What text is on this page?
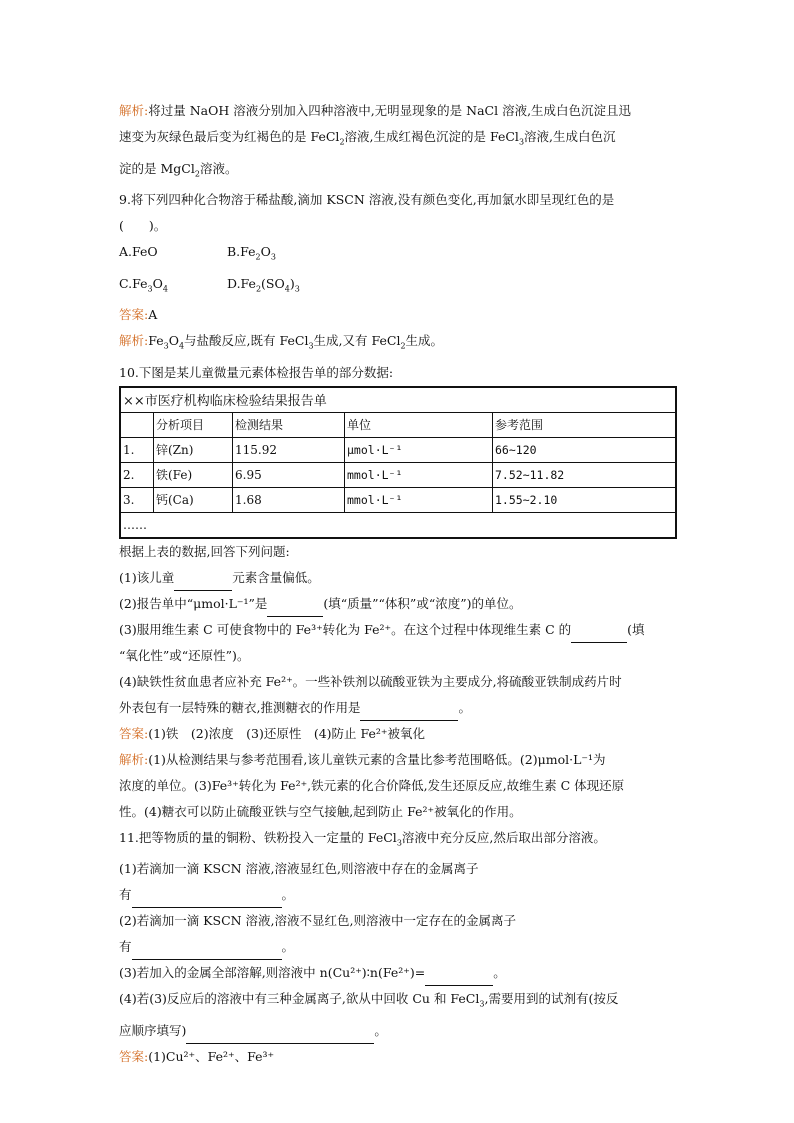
解析:将过量 NaOH 溶液分别加入四种溶液中,无明显现象的是 NaCl 溶液,生成白色沉淀且迅
速变为灰绿色最后变为红褐色的是 FeCl$_2$溶液,生成红褐色沉淀的是 FeCl$_3$溶液,生成白色沉
淀的是 MgCl$_2$溶液。
9.将下列四种化合物溶于稀盐酸,滴加 KSCN 溶液,没有颜色变化,再加氯水即呈现红色的是
(　　)。
A.FeO	$B.Fe_2O_3$
$C.Fe_3O_4$	$D.Fe_2(SO_4)_3$
答案:A
解析$:Fe_3O_4$与盐酸反应,既有 FeCl$_3$生成,又有 FeCl$_2$生成。
10.下图是某儿童微量元素体检报告单的部分数据:
××市医疗机构临床检验结果报告单				
	分析项目	检测结果	单位	参考范围
1.	锌(Zn)	115.92	μmol·L⁻¹	66~120
2.	铁(Fe)	6.95	mmol·L⁻¹	7.52~11.82
3.	钙(Ca)	1.68	mmol·L⁻¹	1.55~2.10
……				
根据上表的数据,回答下列问题:
(1)该儿童	元素含量偏低。
(2)报告单中“μmol·L⁻¹”是	(填“质量”“体积”或“浓度”)的单位。
(3)服用维生素 C 可使食物中的 Fe³⁺转化为 Fe²⁺。在这个过程中体现维生素 C 的	(填
“氧化性”或“还原性”)。
(4)缺铁性贫血患者应补充 Fe²⁺。一些补铁剂以硫酸亚铁为主要成分,将硫酸亚铁制成药片时
外表包有一层特殊的糖衣,推测糖衣的作用是	。
答案:(1)铁　(2)浓度　(3)还原性　(4)防止 Fe²⁺被氧化
解析:(1)从检测结果与参考范围看,该儿童铁元素的含量比参考范围略低。(2)μmol·L⁻¹为
浓度的单位。(3)Fe³⁺转化为 Fe²⁺,铁元素的化合价降低,发生还原反应,故维生素 C 体现还原
性。(4)糖衣可以防止硫酸亚铁与空气接触,起到防止 Fe²⁺被氧化的作用。
11.把等物质的量的铜粉、铁粉投入一定量的 FeCl$_3$溶液中充分反应,然后取出部分溶液。
(1)若滴加一滴 KSCN 溶液,溶液显红色,则溶液中存在的金属离子
有	。
(2)若滴加一滴 KSCN 溶液,溶液不显红色,则溶液中一定存在的金属离子
有	。
(3)若加入的金属全部溶解,则溶液中 n(Cu²⁺)∶n(Fe²⁺)=	。
(4)若(3)反应后的溶液中有三种金属离子,欲从中回收 Cu 和 FeCl$_3$,需要用到的试剂有(按反
应顺序填写)	。
答案:(1)Cu²⁺、Fe²⁺、Fe³⁺
